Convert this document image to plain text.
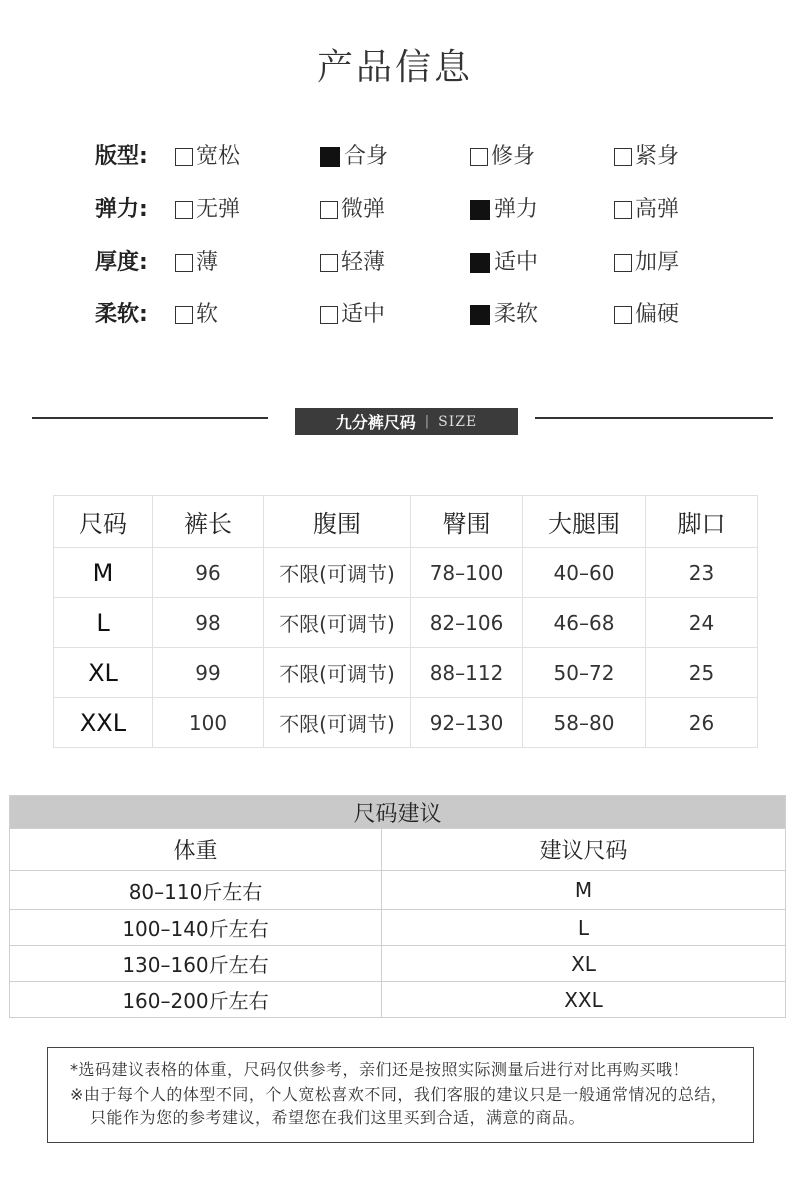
产品信息
版型: 宽松	合身	修身	紧身
弹力: 无弹	微弹	弹力	高弹
厚度: 薄	轻薄	适中	加厚
柔软: 软	适中	柔软	偏硬
九分裤尺码 | SIZE
尺码	裤长	腹围	臀围	大腿围	脚口
M	96	不限(可调节)	78–100	40–60	23
L	98	不限(可调节)	82–106	46–68	24
XL	99	不限(可调节)	88–112	50–72	25
XXL	100	不限(可调节)	92–130	58–80	26
尺码建议	
体重	建议尺码
80–110斤左右	M
100–140斤左右	L
130–160斤左右	XL
160–200斤左右	XXL
*选码建议表格的体重，尺码仅供参考，亲们还是按照实际测量后进行对比再购买哦！
※由于每个人的体型不同，个人宽松喜欢不同，我们客服的建议只是一般通常情况的总结，
只能作为您的参考建议，希望您在我们这里买到合适，满意的商品。
